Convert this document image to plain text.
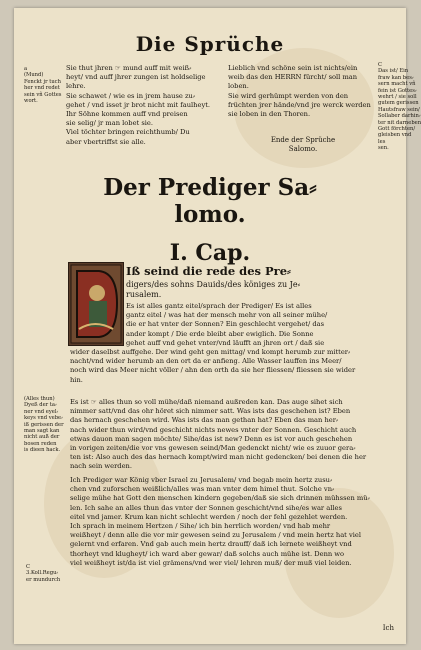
Die Sprüche
a
(Mund)
Fenckt jr tuch
her vnd redet
sein vñ Gottes
wort.
Sie thut jhren ☞ mund auff mit weiß⸗
heyt/ vnd auff jhrer zungen ist holdselige
lehre.
Sie schawet / wie es in jrem hause zu⸗
gehet / vnd isset jr brot nicht mit faulheyt.
Ihr Söhne kommen auff vnd preisen
sie selig/ jr man lobet sie.
Viel töchter bringen reichthumb/ Du
aber vbertriffst sie alle.
Lieblich vnd schöne sein ist nichts/ein
weib das den HERRN fürcht/ soll man
loben.
Sie wird gerhümpt werden von den
früchten jrer hände/vnd jre werck werden
sie loben in den Thoren.
Ende der Sprüche
Salomo.
C
Das ist/ Ein
fraw kan bes⸗
sern macht vñ
fein ist Gottes⸗
wehrt / sie soll
gutem gerissen
Hautsfraw sein/
Sollaber darhin⸗
ter nit darneben
Gott förchten/
gleisben vnd
les
sen.
Der Prediger Sa⸗
lomo.
I. Cap.
Iß seind die rede des Pre⸗
digers/des sohns Dauids/des königes zu Je⸗
rusalem.
Es ist alles gantz eitel/sprach der Prediger/ Es ist alles
gantz eitel / was hat der mensch mehr von all seiner mühe/
die er hat vnter der Sonnen? Ein geschlecht vergehet/ das
ander kompt / Die erde bleibt aber ewiglich. Die Sonne
gehet auff vnd gehet vnter/vnd läufft an jhren ort / daß sie
wider daselbst auffgehe. Der wind geht gen mittag/ vnd kompt herumb zur mitter⸗
nacht/vnd wider herumb an den ort da er anfieng. Alle Wasser lauffen ins Meer/
noch wird das Meer nicht völler / ahn den orth da sie her fliessen/ fliessen sie wider
hin.
(Alles thun)
Dyeß der ta⸗
ner vnd eyel⸗
keys vnd vebe⸗
iß gerissen der
man sagt kan
nicht auß der
bosen reden
is dieen hack.
Es ist ☞ alles thun so voll mühe/daß niemand außreden kan. Das auge sihet sich
nimmer satt/vnd das ohr höret sich nimmer satt. Was ists das geschehen ist? Eben
das hernach geschehen wird. Was ists das man gethan hat? Eben das man her⸗
nach wider thun wird/vnd geschicht nichts newes vnter der Sonnen. Geschicht auch
etwas dauon man sagen möchte/ Sihe/das ist new? Denn es ist vor auch geschehen
in vorigen zeiten/die vor vns gewesen seind/Man gedenckt nicht/ wie es zuuor gera⸗
ten ist: Also auch des das hernach kompt/wird man nicht gedencken/ bei denen die her
nach sein werden.
Ich Prediger war König vber Israel zu Jerusalem/ vnd begab mein hertz zusu⸗
chen vnd zuforschen weißlich/alles was man vnter dem himel thut. Solche vn⸗
selige mühe hat Gott den menschen kindern gegeben/daß sie sich drinnen mühssen mü⸗
len. Ich sahe an alles thun das vnter der Sonnen geschicht/vnd sihe/es war alles
eitel vnd jamer. Krum kan nicht schlecht werden / noch der fehl gezehlet werden.
Ich sprach in meinem Hertzen / Sihe/ ich bin herrlich worden/ vnd hab mehr
weißheyt / denn alle die vor mir gewesen seind zu Jerusalem / vnd mein hertz hat viel
gelernt vnd erfaren. Vnd gab auch mein hertz drauff/ daß ich lernete weißheyt vnd
thorheyt vnd klugheyt/ ich ward aber gewar/ daß solchs auch mühe ist. Denn wo
viel weißheyt ist/da ist viel grämens/vnd wer viel/ lehren muß/ der muß viel leiden.
C
3.Koll.Regu⸗
er mundurch
Ich
